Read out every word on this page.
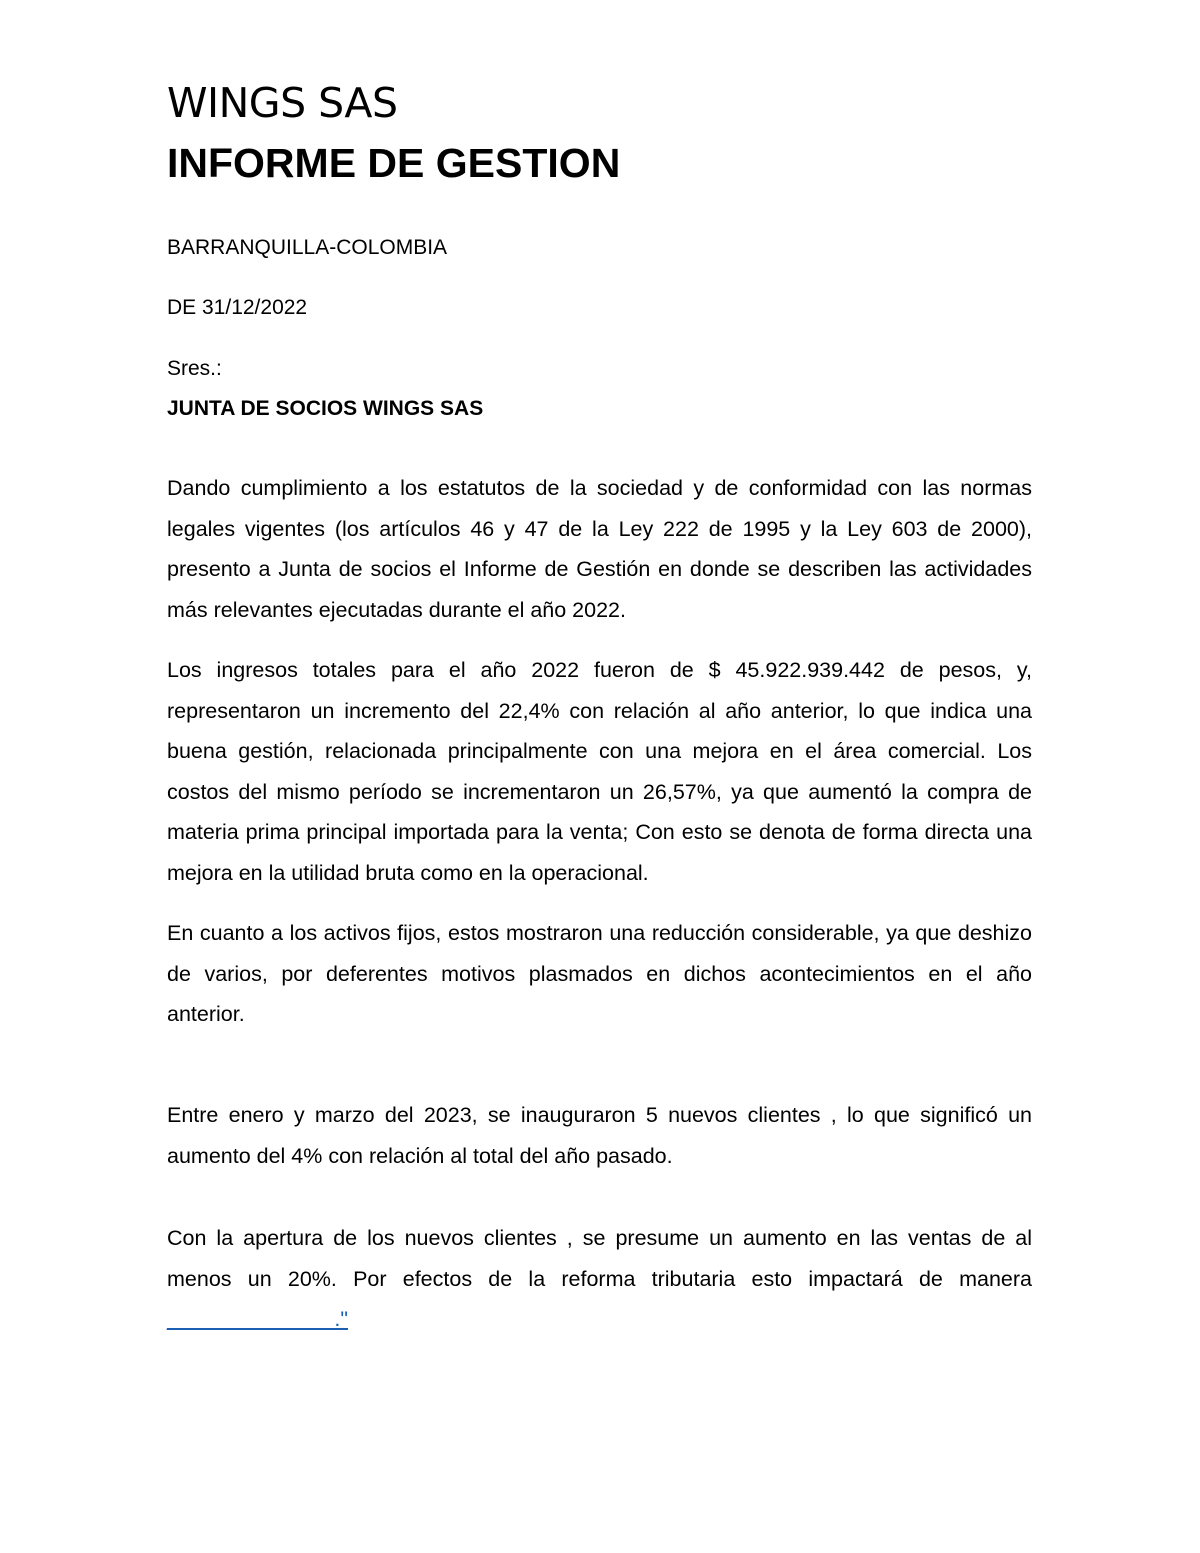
WINGS SAS
INFORME DE GESTION

BARRANQUILLA-COLOMBIA

DE 31/12/2022

Sres.:

JUNTA DE SOCIOS WINGS SAS

Dando cumplimiento a los estatutos de la sociedad y de conformidad con las normas legales vigentes (los artículos 46 y 47 de la Ley 222 de 1995 y la Ley 603 de 2000), presento a Junta de socios el Informe de Gestión en donde se describen las actividades más relevantes ejecutadas durante el año 2022.

Los ingresos totales para el año 2022 fueron de $ 45.922.939.442 de pesos, y, representaron un incremento del 22,4% con relación al año anterior, lo que indica una buena gestión, relacionada principalmente con una mejora en el área comercial. Los costos del mismo período se incrementaron un 26,57%, ya que aumentó la compra de materia prima principal importada para la venta; Con esto se denota de forma directa una mejora en la utilidad bruta como en la operacional.

En cuanto a los activos fijos, estos mostraron una reducción considerable, ya que deshizo de varios, por deferentes motivos plasmados en dichos acontecimientos en el año anterior.

Entre enero y marzo del 2023, se inauguraron 5 nuevos clientes , lo que significó un aumento del 4% con relación al total del año pasado.

Con la apertura de los nuevos clientes , se presume un aumento en las ventas de al menos un 20%. Por efectos de la reforma tributaria esto impactará de manera ______________."
